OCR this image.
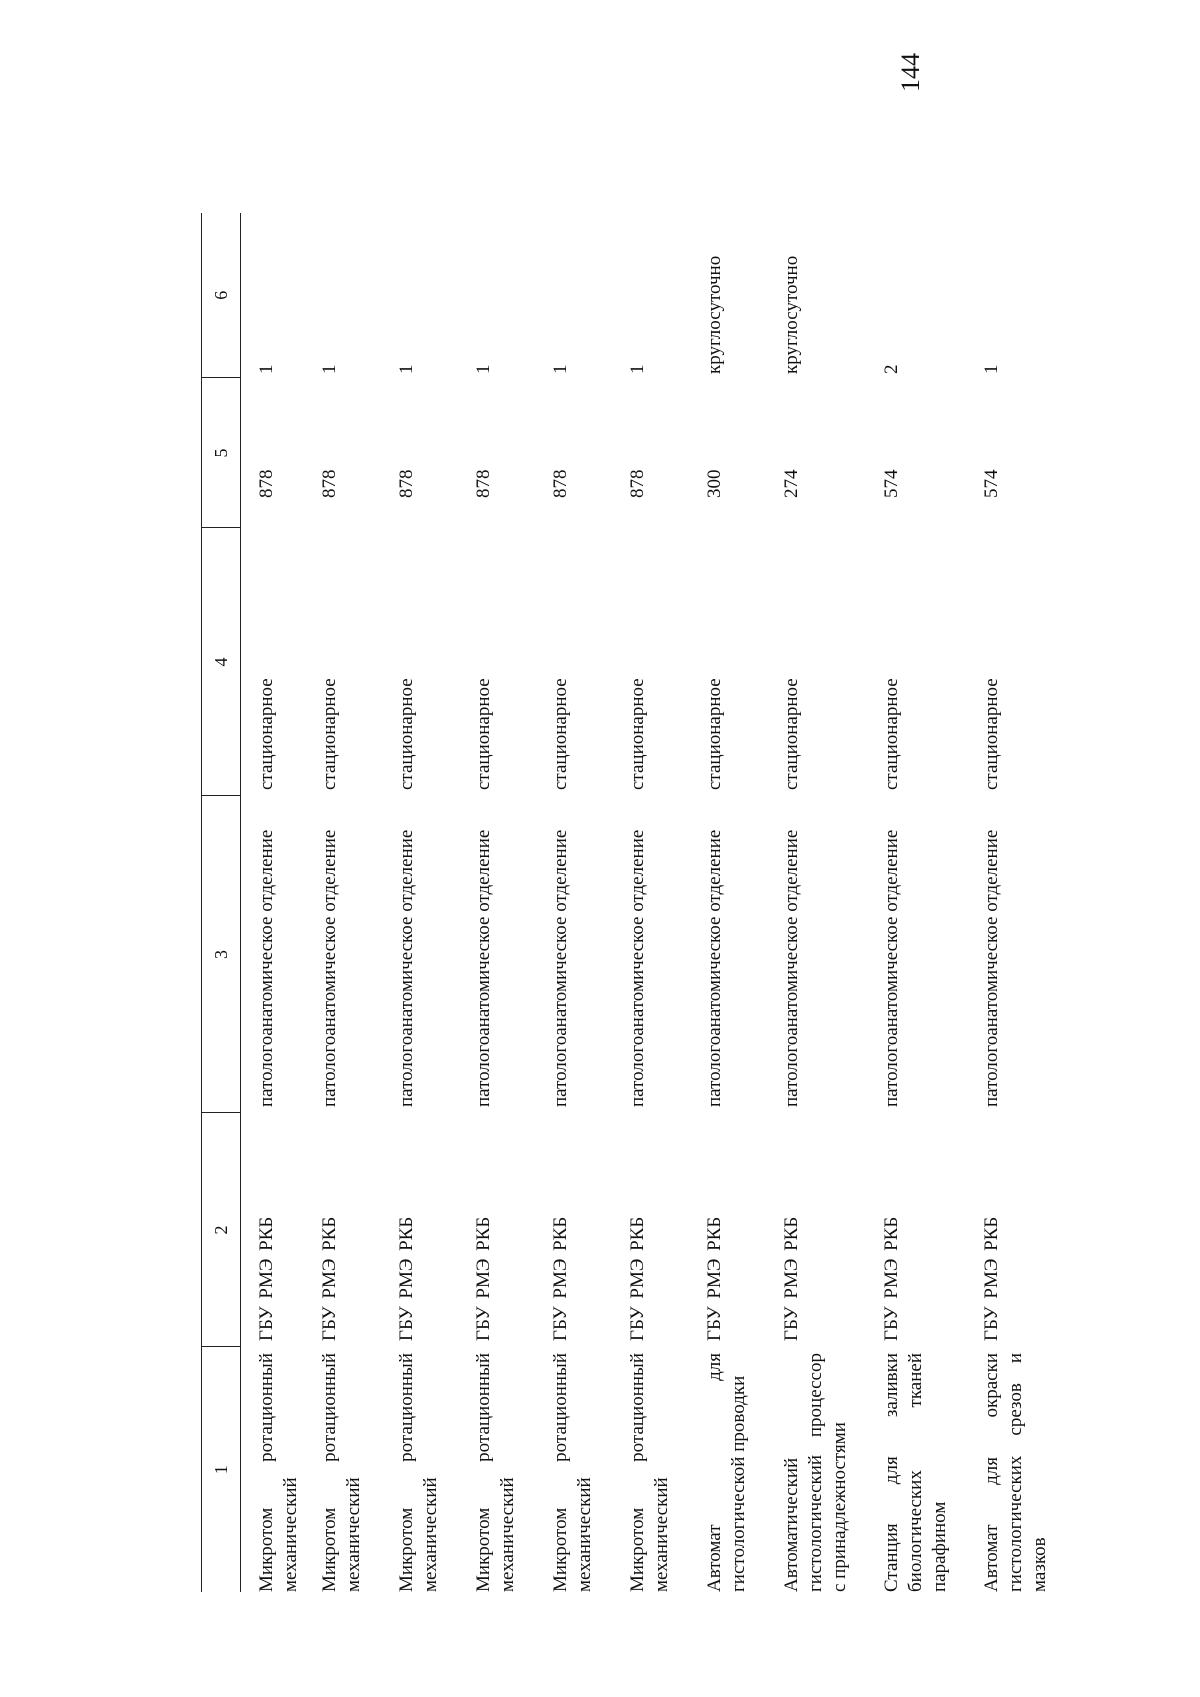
144
1	2	3	4	5	6
Микротом ротационный механический	ГБУ РМЭ РКБ	патологоанатомическое отделение	стационарное	878	1
Микротом ротационный механический	ГБУ РМЭ РКБ	патологоанатомическое отделение	стационарное	878	1
Микротом ротационный механический	ГБУ РМЭ РКБ	патологоанатомическое отделение	стационарное	878	1
Микротом ротационный механический	ГБУ РМЭ РКБ	патологоанатомическое отделение	стационарное	878	1
Микротом ротационный механический	ГБУ РМЭ РКБ	патологоанатомическое отделение	стационарное	878	1
Микротом ротационный механический	ГБУ РМЭ РКБ	патологоанатомическое отделение	стационарное	878	1
Автомат для гистологической проводки	ГБУ РМЭ РКБ	патологоанатомическое отделение	стационарное	300	круглосуточно
Автоматический гистологический процессор с принадлежностями	ГБУ РМЭ РКБ	патологоанатомическое отделение	стационарное	274	круглосуточно
Станция для заливки биологических тканей парафином	ГБУ РМЭ РКБ	патологоанатомическое отделение	стационарное	574	2
Автомат для окраски гистологических срезов и мазков	ГБУ РМЭ РКБ	патологоанатомическое отделение	стационарное	574	1
